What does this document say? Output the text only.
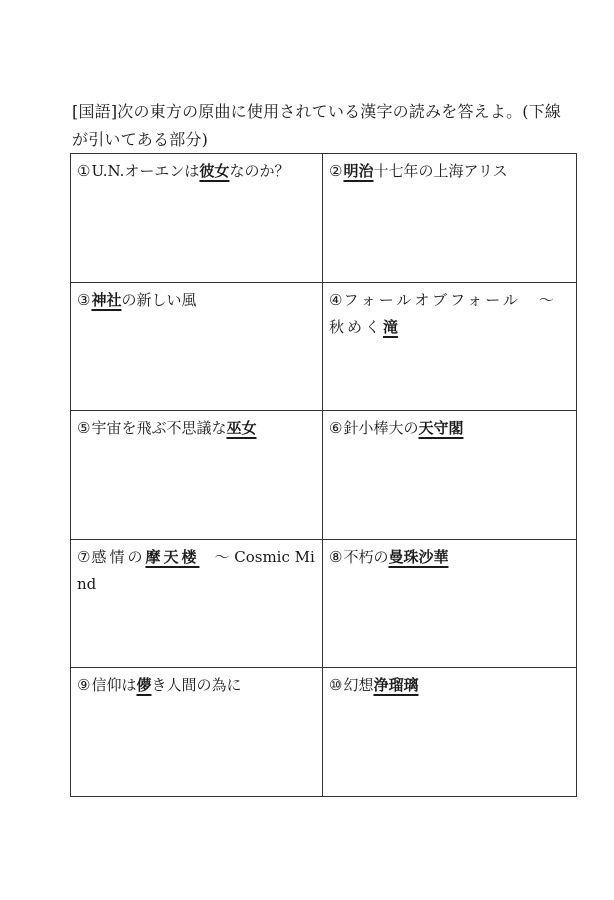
[国語]次の東方の原曲に使用されている漢字の読みを答えよ。(下線が引いてある部分)

①U.N.オーエンは彼女なのか？	②明治十七年の上海アリス
③神社の新しい風	④フォールオブフォール　～ 秋めく滝
⑤宇宙を飛ぶ不思議な巫女	⑥針小棒大の天守閣
⑦感情の摩天楼　～ Cosmic Mind	⑧不朽の曼珠沙華
⑨信仰は儚き人間の為に	⑩幻想浄瑠璃
